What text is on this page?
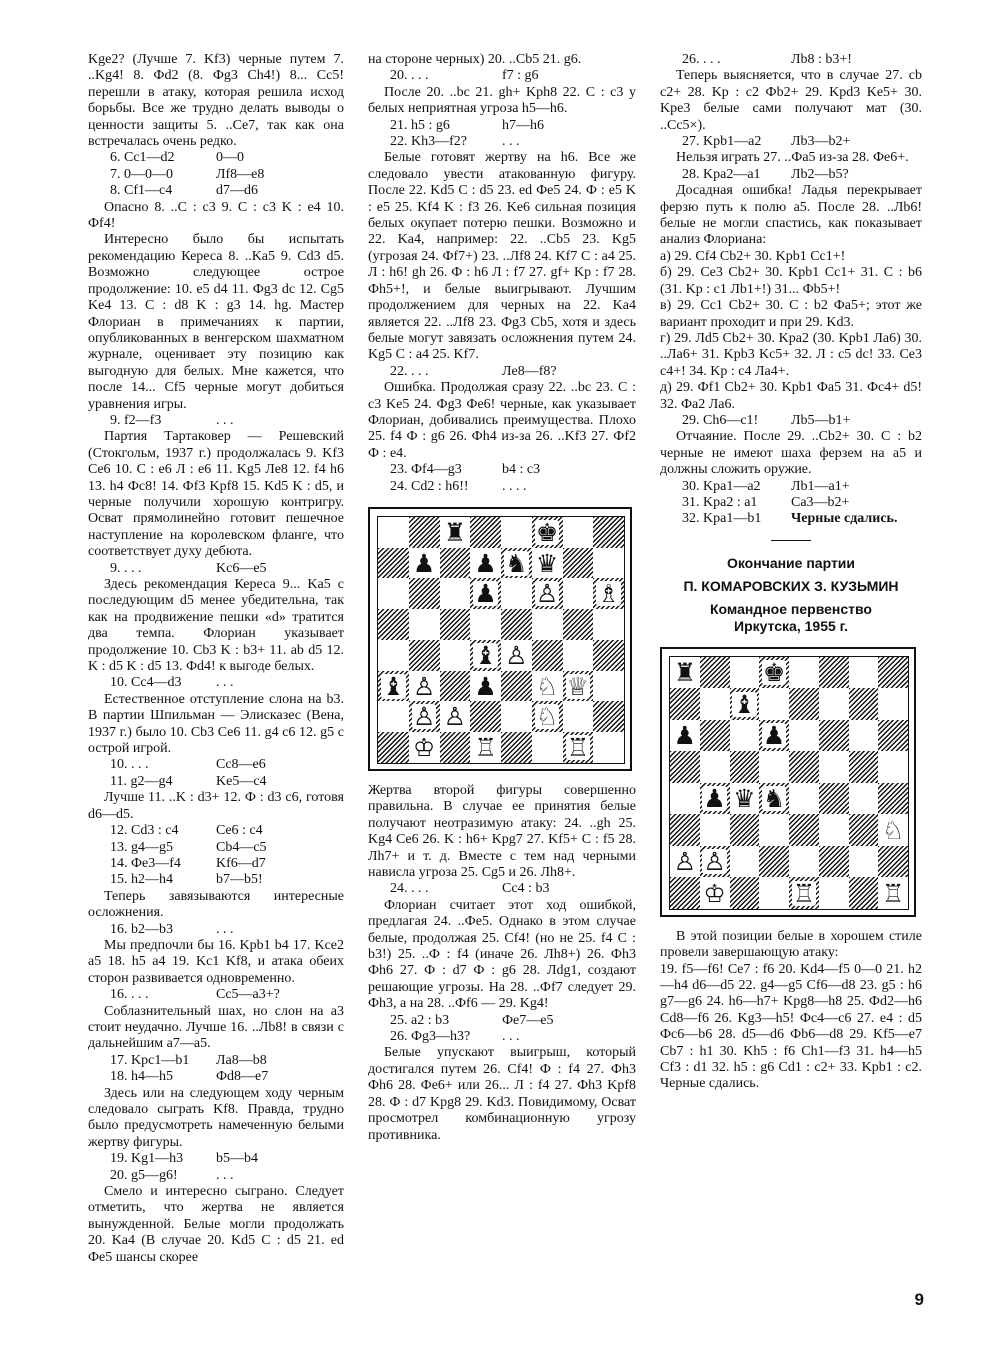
Kge2? (Лучше 7. Kf3) черные путем 7. ..Kg4! 8. Фd2 (8. Фg3 Ch4!) 8... Cc5! перешли в атаку, которая решила исход борьбы. Все же трудно делать выводы о ценности защиты 5. ..Ce7, так как она встречалась очень редко.

6. Cc1—d2	0—0
7. 0—0—0	Лf8—e8
8. Cf1—c4	d7—d6

Опасно 8. ..C : c3 9. C : c3 K : e4 10. Фf4!

Интересно было бы испытать рекомендацию Кереса 8. ..Ka5 9. Cd3 d5. Возможно следующее острое продолжение: 10. e5 d4 11. Фg3 dc 12. Cg5 Ke4 13. C : d8 K : g3 14. hg. Мастер Флориан в примечаниях к партии, опубликованных в венгерском шахматном журнале, оценивает эту позицию как выгодную для белых. Мне кажется, что после 14... Cf5 черные могут добиться уравнения игры.

9. f2—f3	. . .

Партия Тартаковер — Решевский (Стокгольм, 1937 г.) продолжалась 9. Kf3 Ce6 10. C : e6 Л : e6 11. Kg5 Лe8 12. f4 h6 13. h4 Фc8! 14. Фf3 Kpf8 15. Kd5 K : d5, и черные получили хорошую контригру. Осват прямолинейно готовит пешечное наступление на королевском фланге, что соответствует духу дебюта.

9. . . .	Kc6—e5

Здесь рекомендация Кереса 9... Ka5 с последующим d5 менее убедительна, так как на продвижение пешки «d» тратится два темпа. Флориан указывает продолжение 10. Cb3 K : b3+ 11. ab d5 12. K : d5 K : d5 13. Фd4! к выгоде белых.

10. Cc4—d3	. . .

Естественное отступление слона на b3. В партии Шпильман — Элисказес (Вена, 1937 г.) было 10. Cb3 Ce6 11. g4 c6 12. g5 с острой игрой.

10. . . .	Cc8—e6
11. g2—g4	Ke5—c4

Лучше 11. ..K : d3+ 12. Ф : d3 c6, готовя d6—d5.

12. Cd3 : c4	Ce6 : c4
13. g4—g5	Cb4—c5
14. Фe3—f4	Kf6—d7
15. h2—h4	b7—b5!

Теперь завязываются интересные осложнения.

16. b2—b3	. . .

Мы предпочли бы 16. Kpb1 b4 17. Kce2 a5 18. h5 a4 19. Kc1 Kf8, и атака обеих сторон развивается одновременно.

16. . . .	Cc5—a3+?

Соблазнительный шах, но слон на a3 стоит неудачно. Лучше 16. ..Лb8! в связи с дальнейшим a7—a5.

17. Kpc1—b1	Лa8—b8
18. h4—h5	Фd8—e7

Здесь или на следующем ходу черным следовало сыграть Kf8. Правда, трудно было предусмотреть намеченную белыми жертву фигуры.

19. Kg1—h3	b5—b4
20. g5—g6!	. . .

Смело и интересно сыграно. Следует отметить, что жертва не является вынужденной. Белые могли продолжать 20. Ka4 (В случае 20. Kd5 C : d5 21. ed Фe5 шансы скорее

на стороне черных) 20. ..Cb5 21. g6.

20. . . .	f7 : g6

После 20. ..bc 21. gh+ Kph8 22. C : c3 у белых неприятная угроза h5—h6.

21. h5 : g6	h7—h6
22. Kh3—f2?	. . .

Белые готовят жертву на h6. Все же следовало увести атакованную фигуру. После 22. Kd5 C : d5 23. ed Фe5 24. Ф : e5 K : e5 25. Kf4 K : f3 26. Ke6 сильная позиция белых окупает потерю пешки. Возможно и 22. Ka4, например: 22. ..Cb5 23. Kg5 (угрозая 24. Фf7+) 23. ..Лf8 24. Kf7 C : a4 25. Л : h6! gh 26. Ф : h6 Л : f7 27. gf+ Kp : f7 28. Фh5+!, и белые выигрывают. Лучшим продолжением для черных на 22. Ka4 является 22. ..Лf8 23. Фg3 Cb5, хотя и здесь белые могут завязать осложнения путем 24. Kg5 C : a4 25. Kf7.

22. . . .	Лe8—f8?

Ошибка. Продолжая сразу 22. ..bc 23. C : c3 Ke5 24. Фg3 Фe6! черные, как указывает Флориан, добивались преимущества. Плохо 25. f4 Ф : g6 26. Фh4 из-за 26. ..Kf3 27. Фf2 Ф : e4.

23. Фf4—g3	b4 : c3
24. Cd2 : h6!!	. . . .
♜	♚
♟ ♟ ♞ ♛
♟ ♙ ♗
♝ ♙
♝ ♙ ♟ ♘ ♕
♙ ♙	♘
♔ ♖	♖

Жертва второй фигуры совершенно правильна. В случае ее принятия белые получают неотразимую атаку: 24. ..gh 25. Kg4 Ce6 26. K : h6+ Kpg7 27. Kf5+ C : f5 28. Лh7+ и т. д. Вместе с тем над черными нависла угроза 25. Cg5 и 26. Лh8+.

24. . . .	Cc4 : b3

Флориан считает этот ход ошибкой, предлагая 24. ..Фe5. Однако в этом случае белые, продолжая 25. Cf4! (но не 25. f4 C : b3!) 25. ..Ф : f4 (иначе 26. Лh8+) 26. Фh3 Фh6 27. Ф : d7 Ф : g6 28. Лdg1, создают решающие угрозы. На 28. ..Фf7 следует 29. Фh3, а на 28. ..Фf6 — 29. Kg4!

25. a2 : b3	Фe7—e5
26. Фg3—h3?	. . .

Белые упускают выигрыш, который достигался путем 26. Cf4! Ф : f4 27. Фh3 Фh6 28. Фe6+ или 26... Л : f4 27. Фh3 Kpf8 28. Ф : d7 Kpg8 29. Kd3. Повидимому, Осват просмотрел комбинационную угрозу противника.

26. . . .	Лb8 : b3+!

Теперь выясняется, что в случае 27. cb c2+ 28. Kp : c2 Фb2+ 29. Kpd3 Ke5+ 30. Kpe3 белые сами получают мат (30. ..Cc5×).

27. Kpb1—a2	Лb3—b2+

Нельзя играть 27. ..Фa5 из-за 28. Фe6+.

28. Kpa2—a1	Лb2—b5?

Досадная ошибка! Ладья перекрывает ферзю путь к полю a5. После 28. ..Лb6! белые не могли спастись, как показывает анализ Флориана:

а) 29. Cf4 Cb2+ 30. Kpb1 Cc1+!

б) 29. Ce3 Cb2+ 30. Kpb1 Cc1+ 31. C : b6 (31. Kp : c1 Лb1+!) 31... Фb5+!

в) 29. Cc1 Cb2+ 30. C : b2 Фa5+; этот же вариант проходит и при 29. Kd3.

г) 29. Лd5 Cb2+ 30. Kpa2 (30. Kpb1 Лa6) 30. ..Лa6+ 31. Kpb3 Kc5+ 32. Л : c5 dc! 33. Ce3 c4+! 34. Kp : c4 Лa4+.

д) 29. Фf1 Cb2+ 30. Kpb1 Фa5 31. Фc4+ d5! 32. Фa2 Лa6.

29. Ch6—c1!	Лb5—b1+

Отчаяние. После 29. ..Cb2+ 30. C : b2 черные не имеют шаха ферзем на a5 и должны сложить оружие.

30. Kpa1—a2	Лb1—a1+
31. Kpa2 : a1	Ca3—b2+
32. Kpa1—b1	Черные сдались.

Окончание партии

П. КОМАРОВСКИХ З. КУЗЬМИН

Командное первенство

Иркутска, 1955 г.

♜	♚
♝
♟	♟
♟ ♛ ♞
♘
♙ ♙
♔	♖	♖

В этой позиции белые в хорошем стиле провели завершающую атаку:

19. f5—f6! Ce7 : f6 20. Kd4—f5 0—0 21. h2—h4 d6—d5 22. g4—g5 Cf6—d8 23. g5 : h6 g7—g6 24. h6—h7+ Kpg8—h8 25. Фd2—h6 Cd8—f6 26. Kg3—h5! Фc4—c6 27. e4 : d5 Фc6—b6 28. d5—d6 Фb6—d8 29. Kf5—e7 Cb7 : h1 30. Kh5 : f6 Ch1—f3 31. h4—h5 Cf3 : d1 32. h5 : g6 Cd1 : c2+ 33. Kpb1 : c2. Черные сдались.

9
